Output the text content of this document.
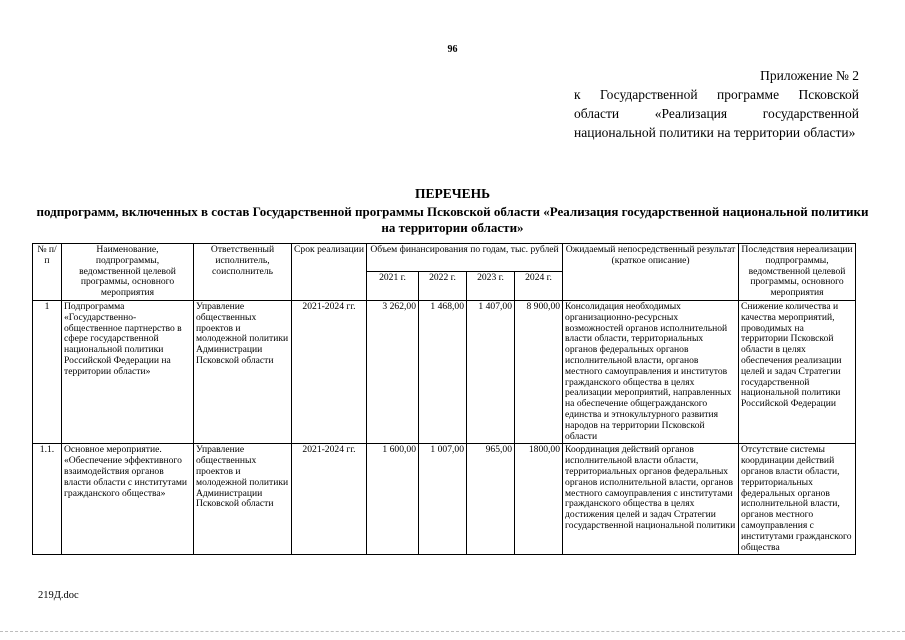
96
Приложение № 2
к Государственной программе Псковской области «Реализация государственной национальной политики на территории области»
ПЕРЕЧЕНЬ
подпрограмм, включенных в состав Государственной программы Псковской области «Реализация государственной национальной политики на территории области»
№ п/п	Наименование, подпрограммы, ведомственной целевой программы, основного мероприятия	Ответственный исполнитель, соисполнитель	Срок реализации	Объем финансирования по годам, тыс. рублей				Ожидаемый непосредственный результат (краткое описание)	Последствия нереализации подпрограммы, ведомственной целевой программы, основного мероприятия
				2021 г.	2022 г.	2023 г.	2024 г.		
1	Подпрограмма «Государственно-общественное партнерство в сфере государственной национальной политики Российской Федерации на территории области»	Управление общественных проектов и молодежной политики Администрации Псковской области	2021-2024 гг.	3 262,00	1 468,00	1 407,00	8 900,00	Консолидация необходимых организационно-ресурсных возможностей органов исполнительной власти области, территориальных органов федеральных органов исполнительной власти, органов местного самоуправления и институтов гражданского общества в целях реализации мероприятий, направленных на обеспечение общегражданского единства и этнокультурного развития народов на территории Псковской области	Снижение количества и качества мероприятий, проводимых на территории Псковской области в целях обеспечения реализации целей и задач Стратегии государственной национальной политики Российской Федерации
1.1.	Основное мероприятие. «Обеспечение эффективного взаимодействия органов власти области с институтами гражданского общества»	Управление общественных проектов и молодежной политики Администрации Псковской области	2021-2024 гг.	1 600,00	1 007,00	965,00	1800,00	Координация действий органов исполнительной власти области, территориальных органов федеральных органов исполнительной власти, органов местного самоуправления с институтами гражданского общества в целях достижения целей и задач Стратегии государственной национальной политики	Отсутствие системы координации действий органов власти области, территориальных федеральных органов исполнительной власти, органов местного самоуправления с институтами гражданского общества
219Д.doc
